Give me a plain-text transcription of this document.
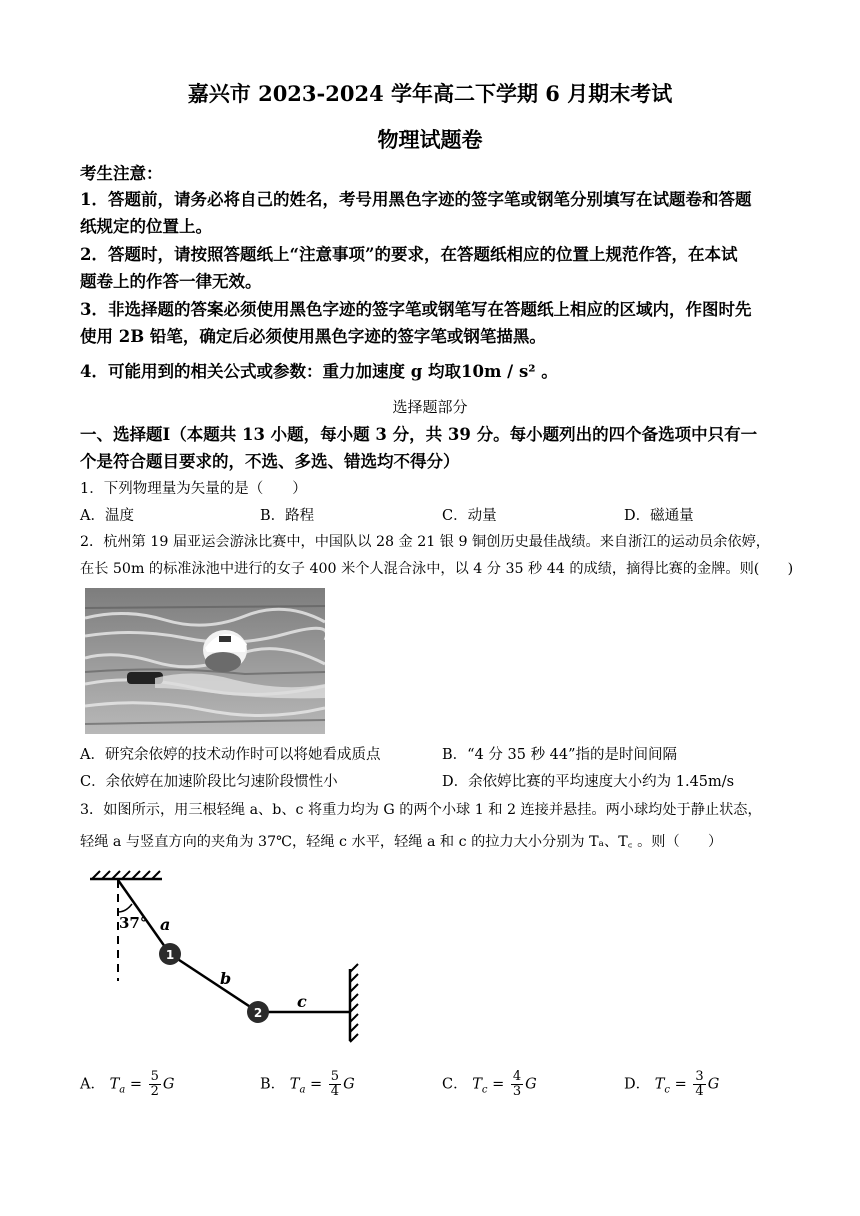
嘉兴市 2023-2024 学年高二下学期 6 月期末考试
物理试题卷
考生注意：
1．答题前，请务必将自己的姓名，考号用黑色字迹的签字笔或钢笔分别填写在试题卷和答题
纸规定的位置上。
2．答题时，请按照答题纸上“注意事项”的要求，在答题纸相应的位置上规范作答，在本试
题卷上的作答一律无效。
3．非选择题的答案必须使用黑色字迹的签字笔或钢笔写在答题纸上相应的区域内，作图时先
使用 2B 铅笔，确定后必须使用黑色字迹的签字笔或钢笔描黑。
4．可能用到的相关公式或参数：重力加速度 g 均取10m / s² 。
选择题部分
一、选择题Ⅰ（本题共 13 小题，每小题 3 分，共 39 分。每小题列出的四个备选项中只有一
个是符合题目要求的，不选、多选、错选均不得分）
1．下列物理量为矢量的是（　　）
A．温度	B．路程	C．动量	D．磁通量
2．杭州第 19 届亚运会游泳比赛中，中国队以 28 金 21 银 9 铜创历史最佳战绩。来自浙江的运动员余依婷，
在长 50m 的标准泳池中进行的女子 400 米个人混合泳中，以 4 分 35 秒 44 的成绩，摘得比赛的金牌。则(　　)
A．研究余依婷的技术动作时可以将她看成质点	B．“4 分 35 秒 44”指的是时间间隔
C．余依婷在加速阶段比匀速阶段惯性小	D．余依婷比赛的平均速度大小约为 1.45m/s
3．如图所示，用三根轻绳 a、b、c 将重力均为 G 的两个小球 1 和 2 连接并悬挂。两小球均处于静止状态，
轻绳 a 与竖直方向的夹角为 37℃，轻绳 c 水平，轻绳 a 和 c 的拉力大小分别为 Tₐ、T꜀ 。则（　　）
37° a
b
c
1
2
A． $T_a = \frac{5}{2}$ G	B． $T_a = \frac{5}{4}$ G	C． $T_c = \frac{4}{3}$ G	D． $T_c = \frac{3}{4}$ G
